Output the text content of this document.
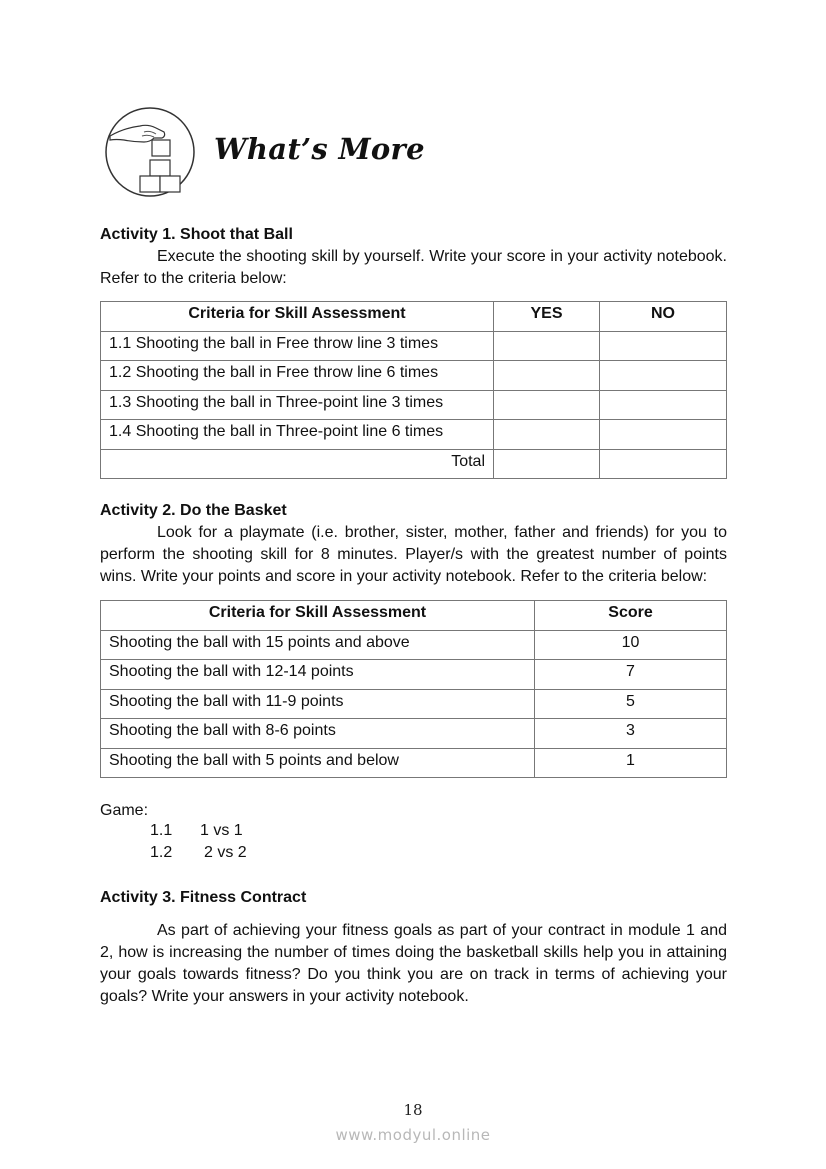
What’s More
Activity 1. Shoot that Ball
Execute the shooting skill by yourself. Write your score in your activity notebook. Refer to the criteria below:
Criteria for Skill Assessment	YES	NO
1.1 Shooting the ball in Free throw line 3 times		
1.2 Shooting the ball in Free throw line 6 times		
1.3 Shooting the ball in Three-point line 3 times		
1.4 Shooting the ball in Three-point line 6 times		
Total		
Activity 2. Do the Basket
Look for a playmate (i.e. brother, sister, mother, father and friends) for you to perform the shooting skill for 8 minutes. Player/s with the greatest number of points wins. Write your points and score in your activity notebook. Refer to the criteria below:
Criteria for Skill Assessment	Score
Shooting the ball with 15 points and above	10
Shooting the ball with 12-14 points	7
Shooting the ball with 11-9 points	5
Shooting the ball with 8-6 points	3
Shooting the ball with 5 points and below	1
Game:
1.1 1 vs 1
1.2 2 vs 2
Activity 3. Fitness Contract
As part of achieving your fitness goals as part of your contract in module 1 and 2, how is increasing the number of times doing the basketball skills help you in attaining your goals towards fitness? Do you think you are on track in terms of achieving your goals? Write your answers in your activity notebook.
18
www.modyul.online
